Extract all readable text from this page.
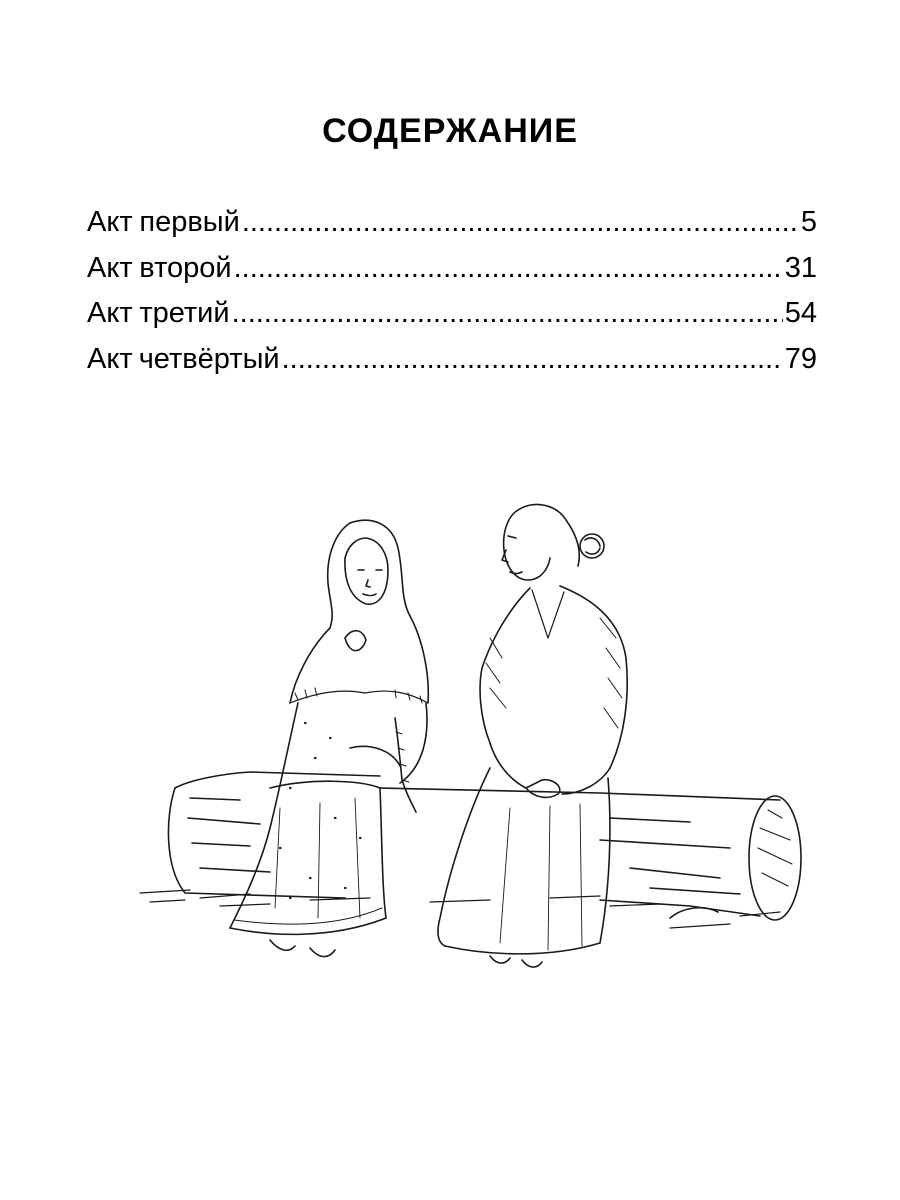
СОДЕРЖАНИЕ
Акт первый .....	5
Акт второй .....	31
Акт третий .....	54
Акт четвёртый .....	79
